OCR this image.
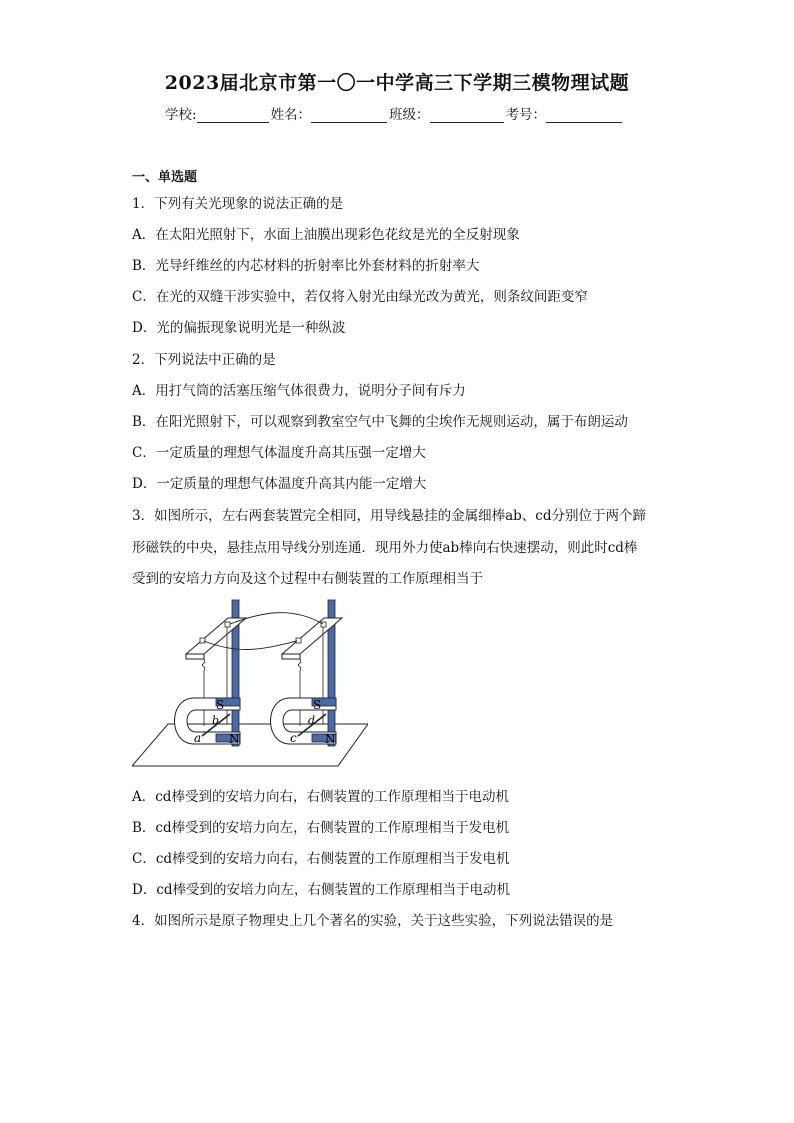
2023届北京市第一〇一中学高三下学期三模物理试题
学校:	姓名：	班级：	考号：
一、单选题
1．下列有关光现象的说法正确的是
A．在太阳光照射下，水面上油膜出现彩色花纹是光的全反射现象
B．光导纤维丝的内芯材料的折射率比外套材料的折射率大
C．在光的双缝干涉实验中，若仅将入射光由绿光改为黄光，则条纹间距变窄
D．光的偏振现象说明光是一种纵波
2．下列说法中正确的是
A．用打气筒的活塞压缩气体很费力，说明分子间有斥力
B．在阳光照射下，可以观察到教室空气中飞舞的尘埃作无规则运动，属于布朗运动
C．一定质量的理想气体温度升高其压强一定增大
D．一定质量的理想气体温度升高其内能一定增大
3．如图所示，左右两套装置完全相同，用导线悬挂的金属细棒ab、cd分别位于两个蹄
形磁铁的中央，悬挂点用导线分别连通．现用外力使ab棒向右快速摆动，则此时cd棒
受到的安培力方向及这个过程中右侧装置的工作原理相当于
S
N
a
b
S
N
c
d
A．cd棒受到的安培力向右，右侧装置的工作原理相当于电动机
B．cd棒受到的安培力向左，右侧装置的工作原理相当于发电机
C．cd棒受到的安培力向右，右侧装置的工作原理相当于发电机
D．cd棒受到的安培力向左，右侧装置的工作原理相当于电动机
4．如图所示是原子物理史上几个著名的实验，关于这些实验，下列说法错误的是
